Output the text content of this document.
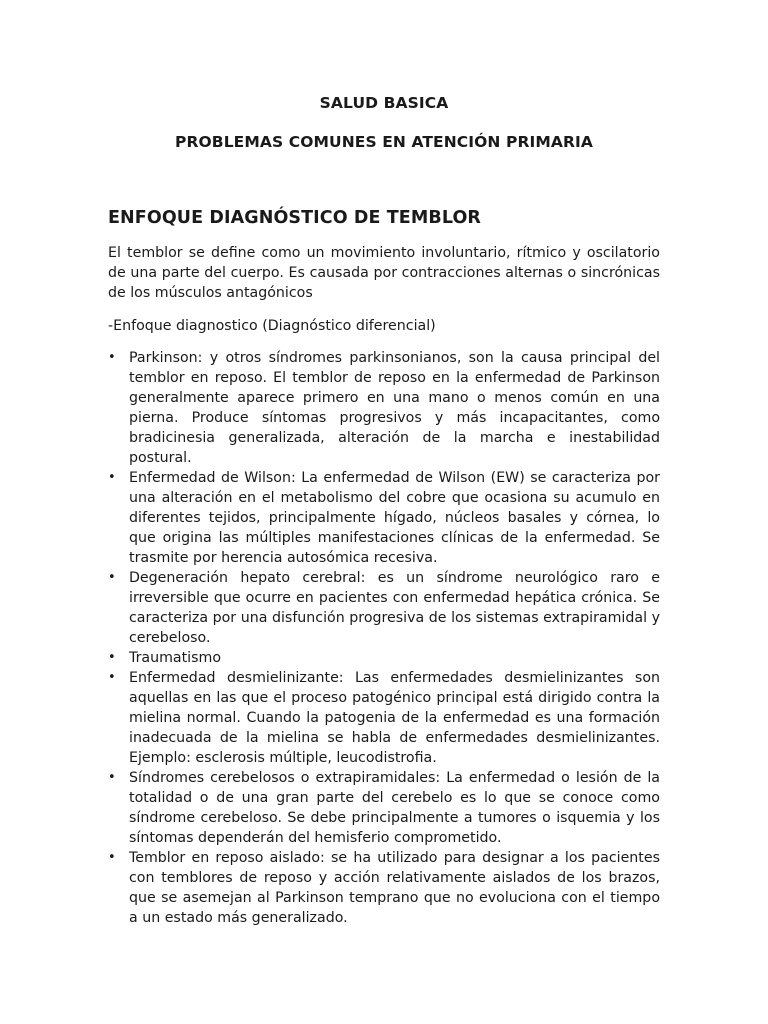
SALUD BASICA
PROBLEMAS COMUNES EN ATENCIÓN PRIMARIA
ENFOQUE DIAGNÓSTICO DE TEMBLOR

El temblor se define como un movimiento involuntario, rítmico y oscilatorio de una parte del cuerpo. Es causada por contracciones alternas o sincrónicas de los músculos antagónicos

-Enfoque diagnostico (Diagnóstico diferencial)

• Parkinson: y otros síndromes parkinsonianos, son la causa principal del temblor en reposo. El temblor de reposo en la enfermedad de Parkinson generalmente aparece primero en una mano o menos común en una pierna. Produce síntomas progresivos y más incapacitantes, como bradicinesia generalizada, alteración de la marcha e inestabilidad postural.
• Enfermedad de Wilson: La enfermedad de Wilson (EW) se caracteriza por una alteración en el metabolismo del cobre que ocasiona su acumulo en diferentes tejidos, principalmente hígado, núcleos basales y córnea, lo que origina las múltiples manifestaciones clínicas de la enfermedad. Se trasmite por herencia autosómica recesiva.
• Degeneración hepato cerebral: es un síndrome neurológico raro e irreversible que ocurre en pacientes con enfermedad hepática crónica. Se caracteriza por una disfunción progresiva de los sistemas extrapiramidal y cerebeloso.
• Traumatismo
• Enfermedad desmielinizante: Las enfermedades desmielinizantes son aquellas en las que el proceso patogénico principal está dirigido contra la mielina normal. Cuando la patogenia de la enfermedad es una formación inadecuada de la mielina se habla de enfermedades desmielinizantes. Ejemplo: esclerosis múltiple, leucodistrofia.
• Síndromes cerebelosos o extrapiramidales: La enfermedad o lesión de la totalidad o de una gran parte del cerebelo es lo que se conoce como síndrome cerebeloso. Se debe principalmente a tumores o isquemia y los síntomas dependerán del hemisferio comprometido.
• Temblor en reposo aislado: se ha utilizado para designar a los pacientes con temblores de reposo y acción relativamente aislados de los brazos, que se asemejan al Parkinson temprano que no evoluciona con el tiempo a un estado más generalizado.
